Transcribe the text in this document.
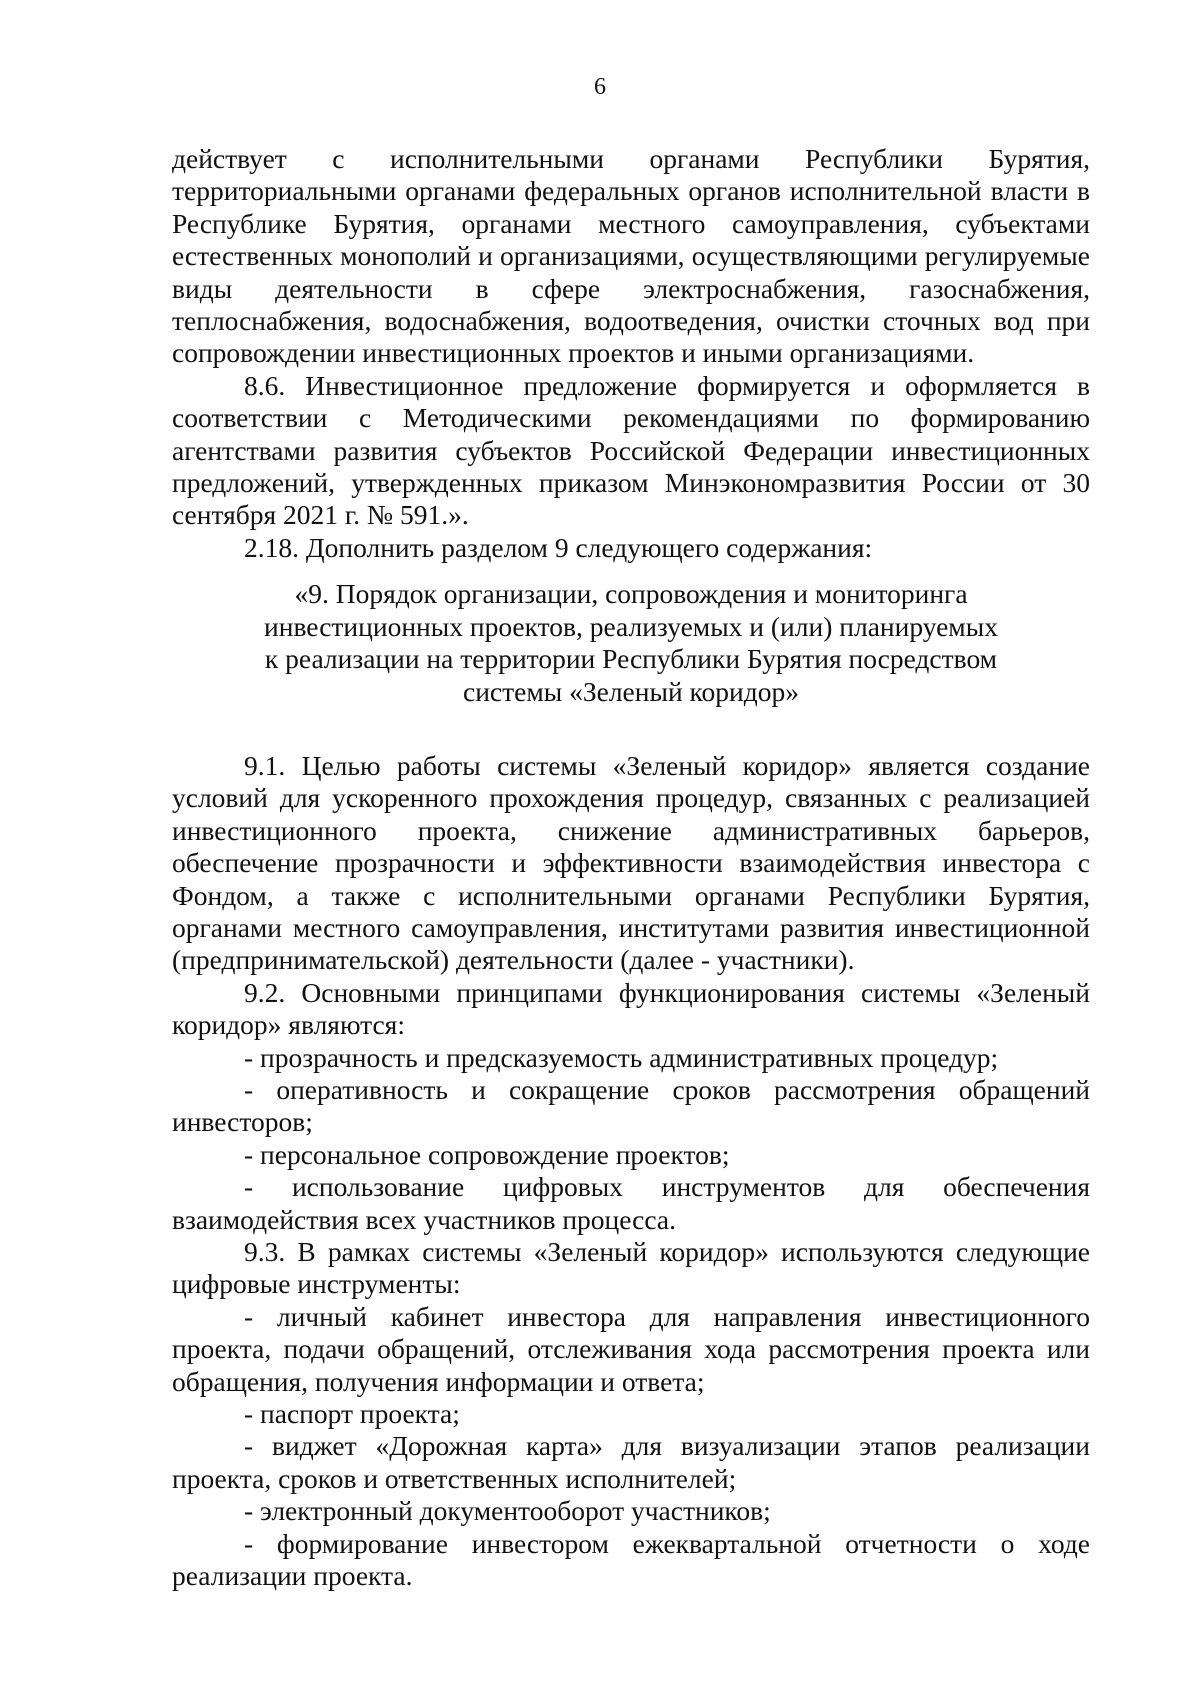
6

действует с исполнительными органами Республики Бурятия, территориальными органами федеральных органов исполнительной власти в Республике Бурятия, органами местного самоуправления, субъектами естественных монополий и организациями, осуществляющими регулируемые виды деятельности в сфере электроснабжения, газоснабжения, теплоснабжения, водоснабжения, водоотведения, очистки сточных вод при сопровождении инвестиционных проектов и иными организациями.

8.6. Инвестиционное предложение формируется и оформляется в соответствии с Методическими рекомендациями по формированию агентствами развития субъектов Российской Федерации инвестиционных предложений, утвержденных приказом Минэкономразвития России от 30 сентября 2021 г. № 591.».

2.18. Дополнить разделом 9 следующего содержания:

«9. Порядок организации, сопровождения и мониторинга
инвестиционных проектов, реализуемых и (или) планируемых
к реализации на территории Республики Бурятия посредством
системы «Зеленый коридор»

9.1. Целью работы системы «Зеленый коридор» является создание условий для ускоренного прохождения процедур, связанных с реализацией инвестиционного проекта, снижение административных барьеров, обеспечение прозрачности и эффективности взаимодействия инвестора с Фондом, а также с исполнительными органами Республики Бурятия, органами местного самоуправления, институтами развития инвестиционной (предпринимательской) деятельности (далее - участники).

9.2. Основными принципами функционирования системы «Зеленый коридор» являются:

- прозрачность и предсказуемость административных процедур;

- оперативность и сокращение сроков рассмотрения обращений инвесторов;

- персональное сопровождение проектов;

- использование цифровых инструментов для обеспечения взаимодействия всех участников процесса.

9.3. В рамках системы «Зеленый коридор» используются следующие цифровые инструменты:

- личный кабинет инвестора для направления инвестиционного проекта, подачи обращений, отслеживания хода рассмотрения проекта или обращения, получения информации и ответа;

- паспорт проекта;

- виджет «Дорожная карта» для визуализации этапов реализации проекта, сроков и ответственных исполнителей;

- электронный документооборот участников;

- формирование инвестором ежеквартальной отчетности о ходе реализации проекта.
